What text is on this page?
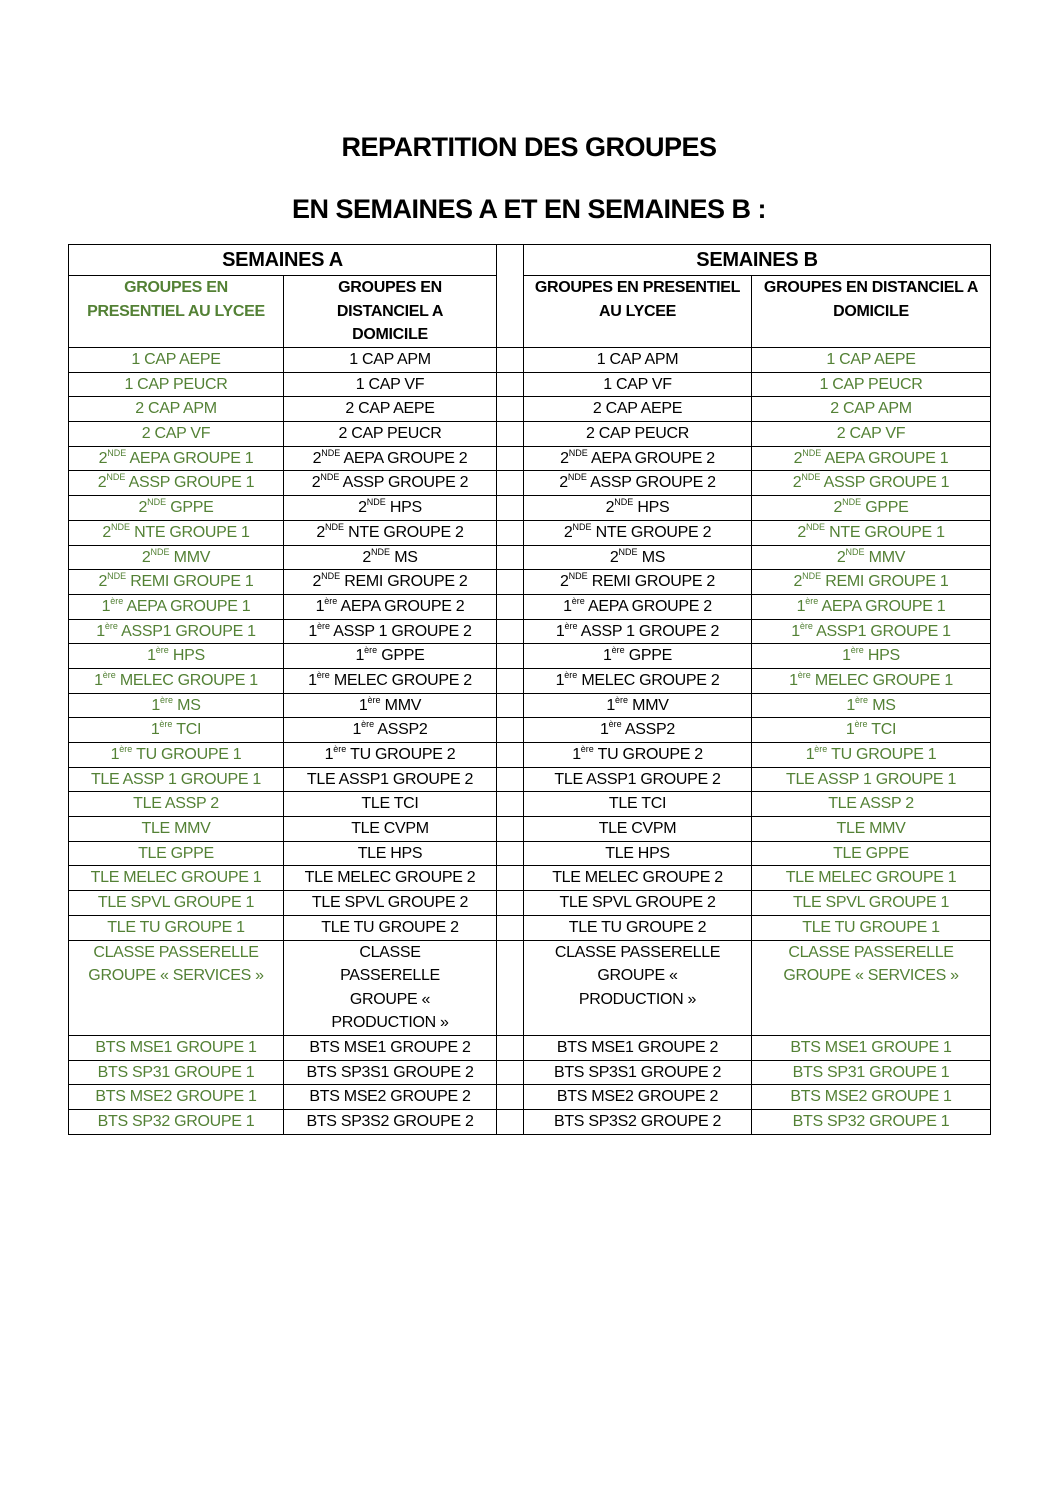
REPARTITION DES GROUPES
EN SEMAINES A ET EN SEMAINES B :
SEMAINES A			SEMAINES B	
GROUPES EN PRESENTIEL AU LYCEE	GROUPES EN DISTANCIEL A DOMICILE		GROUPES EN PRESENTIEL AU LYCEE	GROUPES EN DISTANCIEL A DOMICILE
1 CAP AEPE	1 CAP APM		1 CAP APM	1 CAP AEPE
1 CAP PEUCR	1 CAP VF		1 CAP VF	1 CAP PEUCR
2 CAP APM	2 CAP AEPE		2 CAP AEPE	2 CAP APM
2 CAP VF	2 CAP PEUCR		2 CAP PEUCR	2 CAP VF
2NDE AEPA GROUPE 1	2NDE AEPA GROUPE 2		2NDE AEPA GROUPE 2	2NDE AEPA GROUPE 1
2NDE ASSP GROUPE 1	2NDE ASSP GROUPE 2		2NDE ASSP GROUPE 2	2NDE ASSP GROUPE 1
2NDE GPPE	2NDE HPS		2NDE HPS	2NDE GPPE
2NDE NTE GROUPE 1	2NDE NTE GROUPE 2		2NDE NTE GROUPE 2	2NDE NTE GROUPE 1
2NDE MMV	2NDE MS		2NDE MS	2NDE MMV
2NDE REMI GROUPE 1	2NDE REMI GROUPE 2		2NDE REMI GROUPE 2	2NDE REMI GROUPE 1
1ère AEPA GROUPE 1	1ère AEPA GROUPE 2		1ère AEPA GROUPE 2	1ère AEPA GROUPE 1
1ère ASSP1 GROUPE 1	1ère ASSP 1 GROUPE 2		1ère ASSP 1 GROUPE 2	1ère ASSP1 GROUPE 1
1ère HPS	1ère GPPE		1ère GPPE	1ère HPS
1ère MELEC GROUPE 1	1ère MELEC GROUPE 2		1ère MELEC GROUPE 2	1ère MELEC GROUPE 1
1ère MS	1ère MMV		1ère MMV	1ère MS
1ère TCI	1ère ASSP2		1ère ASSP2	1ère TCI
1ère TU GROUPE 1	1ère TU GROUPE 2		1ère TU GROUPE 2	1ère TU GROUPE 1
TLE ASSP 1 GROUPE 1	TLE ASSP1 GROUPE 2		TLE ASSP1 GROUPE 2	TLE ASSP 1 GROUPE 1
TLE ASSP 2	TLE TCI		TLE TCI	TLE ASSP 2
TLE MMV	TLE CVPM		TLE CVPM	TLE MMV
TLE GPPE	TLE HPS		TLE HPS	TLE GPPE
TLE MELEC GROUPE 1	TLE MELEC GROUPE 2		TLE MELEC GROUPE 2	TLE MELEC GROUPE 1
TLE SPVL GROUPE 1	TLE SPVL GROUPE 2		TLE SPVL GROUPE 2	TLE SPVL GROUPE 1
TLE TU GROUPE 1	TLE TU GROUPE 2		TLE TU GROUPE 2	TLE TU GROUPE 1
CLASSE PASSERELLE GROUPE « SERVICES »	CLASSE PASSERELLE GROUPE « PRODUCTION »		CLASSE PASSERELLE GROUPE « PRODUCTION »	CLASSE PASSERELLE GROUPE « SERVICES »
BTS MSE1 GROUPE 1	BTS MSE1 GROUPE 2		BTS MSE1 GROUPE 2	BTS MSE1 GROUPE 1
BTS SP31 GROUPE 1	BTS SP3S1 GROUPE 2		BTS SP3S1 GROUPE 2	BTS SP31 GROUPE 1
BTS MSE2 GROUPE 1	BTS MSE2 GROUPE 2		BTS MSE2 GROUPE 2	BTS MSE2 GROUPE 1
BTS SP32 GROUPE 1	BTS SP3S2 GROUPE 2		BTS SP3S2 GROUPE 2	BTS SP32 GROUPE 1
